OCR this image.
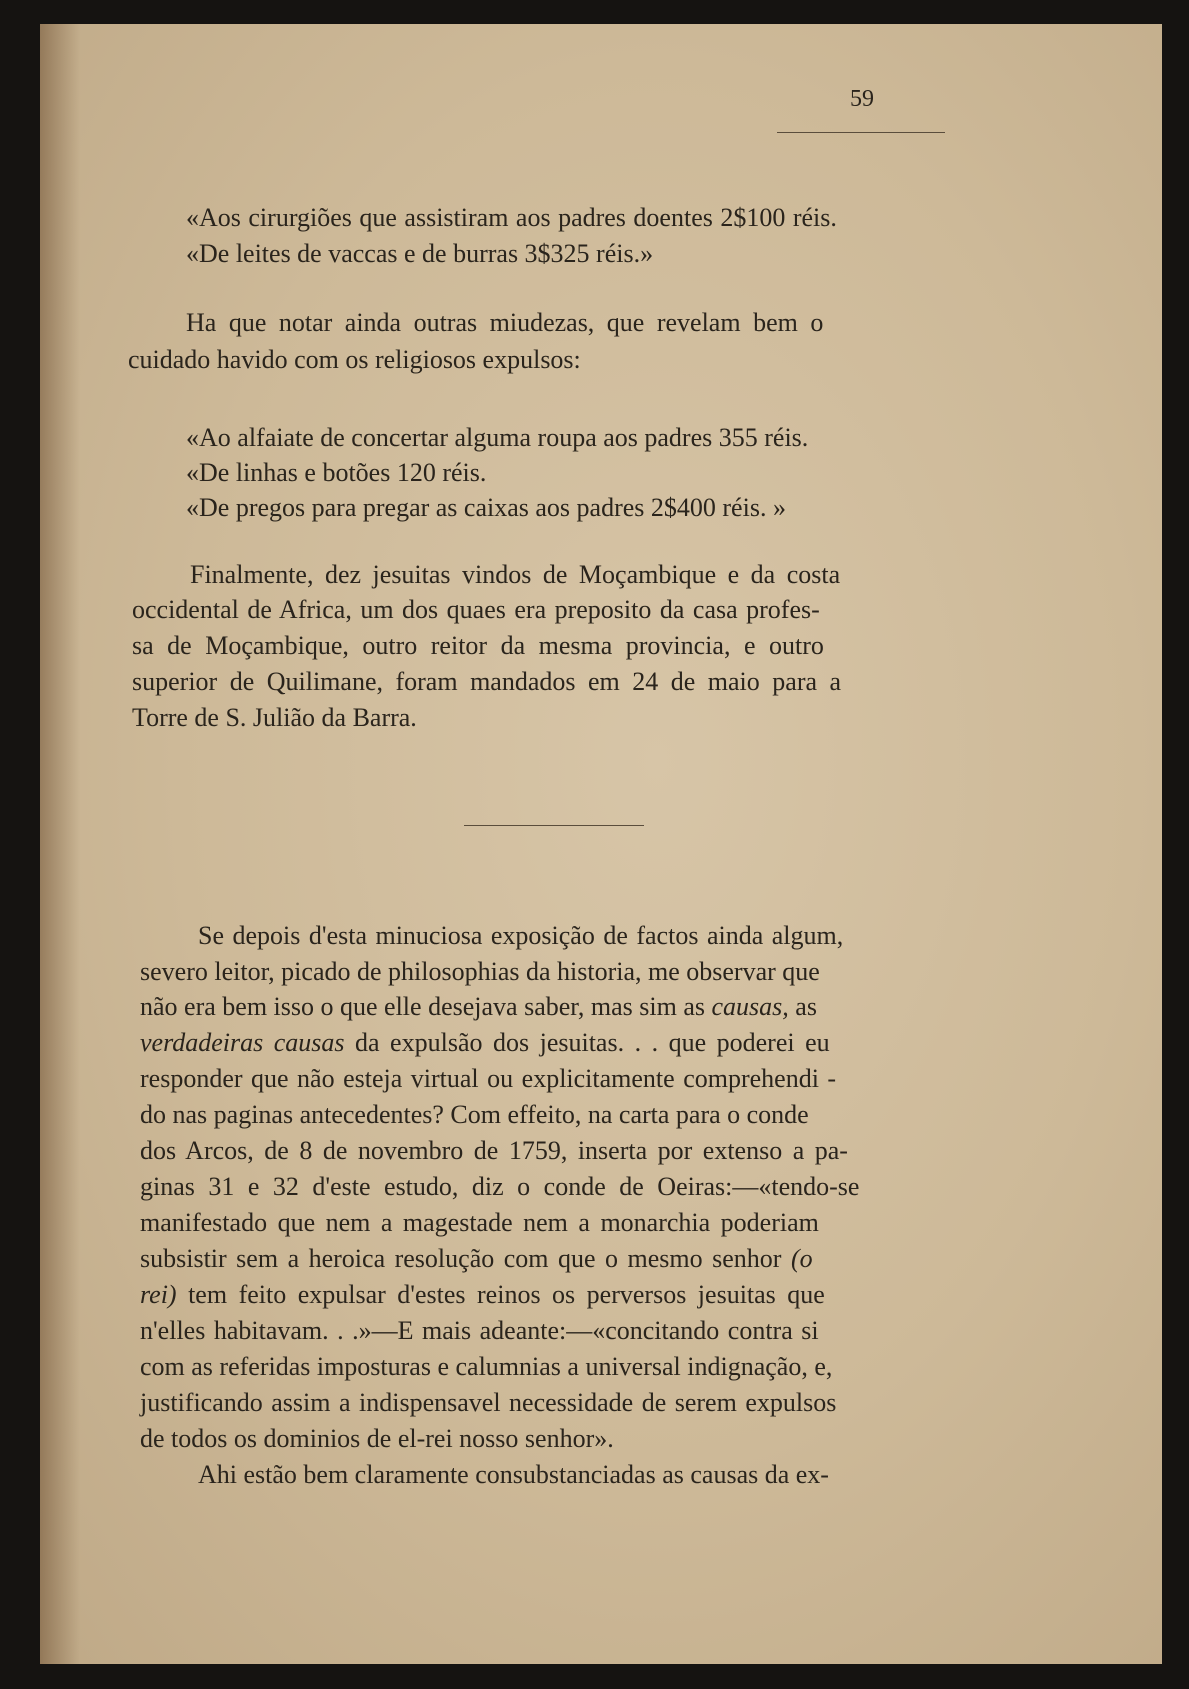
59
«Aos cirurgiões que assistiram aos padres doentes 2$100 réis.
«De leites de vaccas e de burras 3$325 réis.»
Ha que notar ainda outras miudezas, que revelam bem o
cuidado havido com os religiosos expulsos:
«Ao alfaiate de concertar alguma roupa aos padres 355 réis.
«De linhas e botões 120 réis.
«De pregos para pregar as caixas aos padres 2$400 réis. »
Finalmente, dez jesuitas vindos de Moçambique e da costa
occidental de Africa, um dos quaes era preposito da casa profes-
sa de Moçambique, outro reitor da mesma provincia, e outro
superior de Quilimane, foram mandados em 24 de maio para a
Torre de S. Julião da Barra.
Se depois d'esta minuciosa exposição de factos ainda algum,
severo leitor, picado de philosophias da historia, me observar que
não era bem isso o que elle desejava saber, mas sim as causas, as
verdadeiras causas da expulsão dos jesuitas. . . que poderei eu
responder que não esteja virtual ou explicitamente comprehendi -
do nas paginas antecedentes? Com effeito, na carta para o conde
dos Arcos, de 8 de novembro de 1759, inserta por extenso a pa-
ginas 31 e 32 d'este estudo, diz o conde de Oeiras:—«tendo-se
manifestado que nem a magestade nem a monarchia poderiam
subsistir sem a heroica resolução com que o mesmo senhor (o
rei) tem feito expulsar d'estes reinos os perversos jesuitas que
n'elles habitavam. . .»—E mais adeante:—«concitando contra si
com as referidas imposturas e calumnias a universal indignação, e,
justificando assim a indispensavel necessidade de serem expulsos
de todos os dominios de el-rei nosso senhor».
Ahi estão bem claramente consubstanciadas as causas da ex-
